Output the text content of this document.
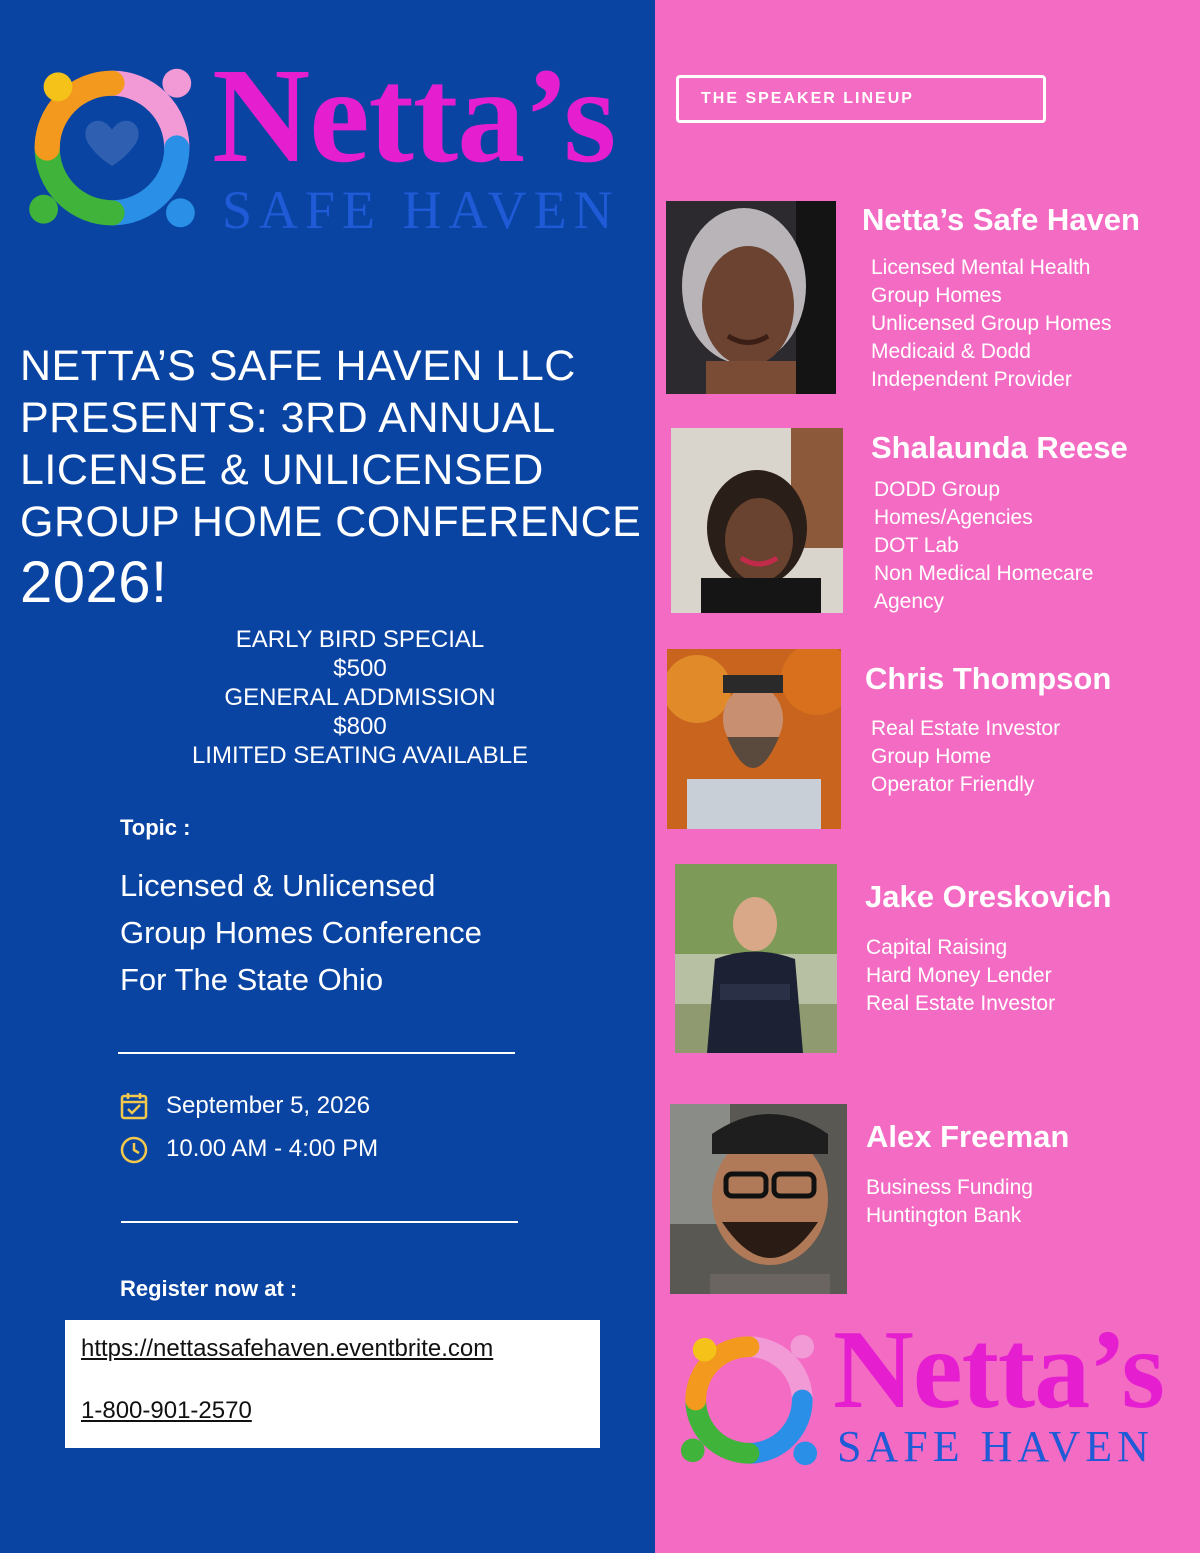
Netta’s
SAFE HAVEN
NETTA’S SAFE HAVEN LLC
PRESENTS: 3RD ANNUAL
LICENSE & UNLICENSED
GROUP HOME CONFERENCE
2026!
EARLY BIRD SPECIAL
$500
GENERAL ADDMISSION
$800
LIMITED SEATING AVAILABLE
Topic :
Licensed & Unlicensed
Group Homes Conference
For The State Ohio
September 5, 2026
10.00 AM - 4:00 PM
Register now at :
https://nettassafehaven.eventbrite.com
1-800-901-2570
THE SPEAKER LINEUP
Netta’s Safe Haven
Licensed Mental Health
Group Homes
Unlicensed Group Homes
Medicaid & Dodd
Independent Provider
Shalaunda Reese
DODD Group
Homes/Agencies
DOT Lab
Non Medical Homecare
Agency
Chris Thompson
Real Estate Investor
Group Home
Operator Friendly
Jake Oreskovich
Capital Raising
Hard Money Lender
Real Estate Investor
Alex Freeman
Business Funding
Huntington Bank
Netta’s
SAFE HAVEN
